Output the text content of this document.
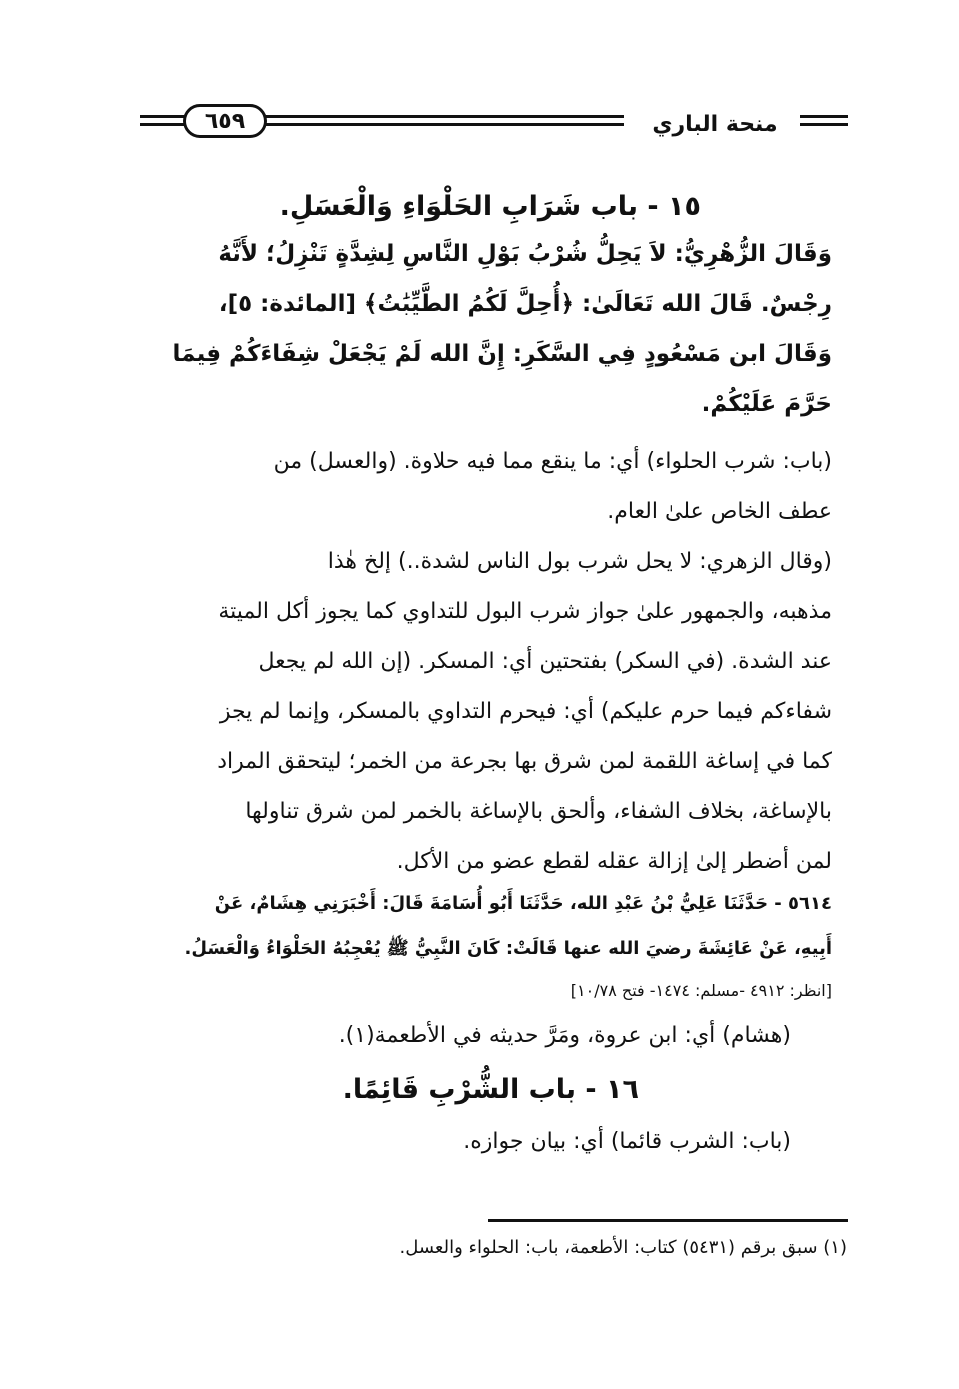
٦٥٩	منحة الباري
١٥ - باب شَرَابِ الحَلْوَاءِ وَالْعَسَلِ.
وَقَالَ الزُّهْرِيُّ: لاَ يَحِلُّ شُرْبُ بَوْلِ النَّاسِ لِشِدَّةٍ تَنْزِلُ؛ لأَنَّهُ
رِجْسٌ. قَالَ الله تَعَالَىٰ: ﴿أُحِلَّ لَكُمُ الطَّيِّبَٰتُ﴾ [المائدة: ٥]،
وَقَالَ ابن مَسْعُودٍ فِي السَّكَرِ: إِنَّ الله لَمْ يَجْعَلْ شِفَاءَكُمْ فِيمَا
حَرَّمَ عَلَيْكُمْ.
(باب: شرب الحلواء) أي: ما ينقع مما فيه حلاوة. (والعسل) من
عطف الخاص علىٰ العام.
(وقال الزهري: لا يحل شرب بول الناس لشدة..) إلخ هٰذا
مذهبه، والجمهور علىٰ جواز شرب البول للتداوي كما يجوز أكل الميتة
عند الشدة. (في السكر) بفتحتين أي: المسكر. (إن الله لم يجعل
شفاءكم فيما حرم عليكم) أي: فيحرم التداوي بالمسكر، وإنما لم يجز
كما في إساغة اللقمة لمن شرق بها بجرعة من الخمر؛ ليتحقق المراد
بالإساغة، بخلاف الشفاء، وألحق بالإساغة بالخمر لمن شرق تناولها
لمن أضطر إلىٰ إزالة عقله لقطع عضو من الأكل.
٥٦١٤ - حَدَّثَنَا عَلِيُّ بْنُ عَبْدِ الله، حَدَّثَنَا أَبُو أُسَامَةَ قَالَ: أَخْبَرَنِي هِشَامٌ، عَنْ
أَبِيهِ، عَنْ عَائِشَةَ رضيَ الله عنها قَالَتْ: كَانَ النَّبِيُّ ﷺ يُعْجِبُهُ الحَلْوَاءُ وَالْعَسَلُ.
[انظر: ٤٩١٢ -مسلم: ١٤٧٤- فتح ١٠/٧٨]
(هشام) أي: ابن عروة، ومَرَّ حديثه في الأطعمة(١).
١٦ - باب الشُّرْبِ قَائِمًا.
(باب: الشرب قائما) أي: بيان جوازه.
(١) سبق برقم (٥٤٣١) كتاب: الأطعمة، باب: الحلواء والعسل.
